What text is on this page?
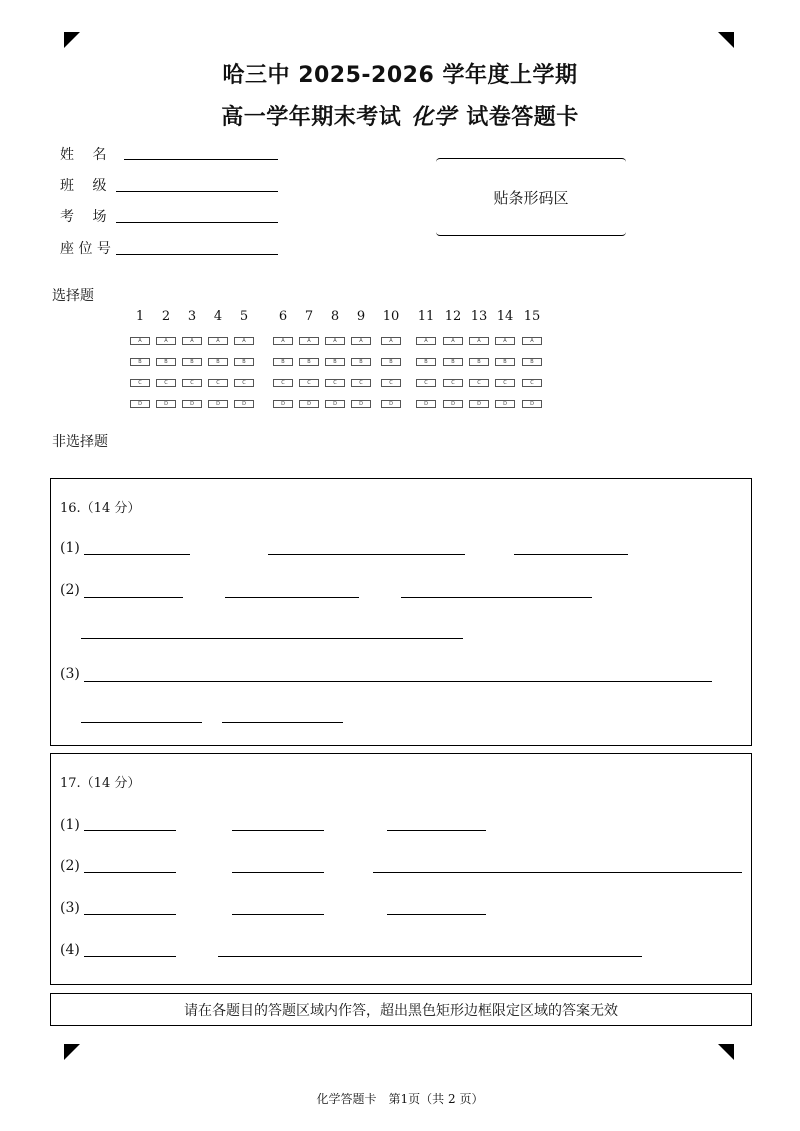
哈三中 2025-2026 学年度上学期
高一学年期末考试 化学 试卷答题卡
姓　 名
班　 级
考　 场
座 位 号
贴条形码区
选择题
1
A
B
C
D
2
A
B
C
D
3
A
B
C
D
4
A
B
C
D
5
A
B
C
D
6
A
B
C
D
7
A
B
C
D
8
A
B
C
D
9
A
B
C
D
10
A
B
C
D
11
A
B
C
D
12
A
B
C
D
13
A
B
C
D
14
A
B
C
D
15
A
B
C
D
非选择题
16.（14 分）
(1)
(2)
(3)
17.（14 分）
(1)
(2)
(3)
(4)
请在各题目的答题区域内作答，超出黑色矩形边框限定区域的答案无效
化学答题卡　第1页（共 2 页）
